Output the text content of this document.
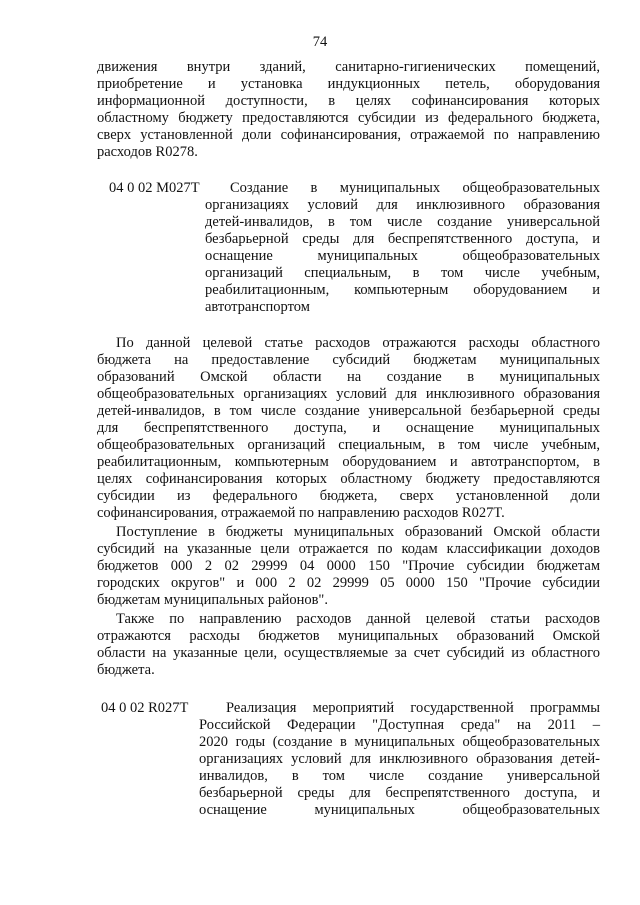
74
движения внутри зданий, санитарно-гигиенических помещений,
приобретение и установка индукционных петель, оборудования
информационной доступности, в целях софинансирования которых
областному бюджету предоставляются субсидии из федерального бюджета,
сверх установленной доли софинансирования, отражаемой по направлению
расходов R0278.
04 0 02 M027T Создание в муниципальных общеобразовательных
организациях условий для инклюзивного образования
детей-инвалидов, в том числе создание универсальной
безбарьерной среды для беспрепятственного доступа, и
оснащение муниципальных общеобразовательных
организаций специальным, в том числе учебным,
реабилитационным, компьютерным оборудованием и
автотранспортом
По данной целевой статье расходов отражаются расходы областного
бюджета на предоставление субсидий бюджетам муниципальных
образований Омской области на создание в муниципальных
общеобразовательных организациях условий для инклюзивного образования
детей-инвалидов, в том числе создание универсальной безбарьерной среды
для беспрепятственного доступа, и оснащение муниципальных
общеобразовательных организаций специальным, в том числе учебным,
реабилитационным, компьютерным оборудованием и автотранспортом, в
целях софинансирования которых областному бюджету предоставляются
субсидии из федерального бюджета, сверх установленной доли
софинансирования, отражаемой по направлению расходов R027T.
Поступление в бюджеты муниципальных образований Омской области
субсидий на указанные цели отражается по кодам классификации доходов
бюджетов 000 2 02 29999 04 0000 150 "Прочие субсидии бюджетам
городских округов" и 000 2 02 29999 05 0000 150 "Прочие субсидии
бюджетам муниципальных районов".
Также по направлению расходов данной целевой статьи расходов
отражаются расходы бюджетов муниципальных образований Омской
области на указанные цели, осуществляемые за счет субсидий из областного
бюджета.
04 0 02 R027T	Реализация мероприятий государственной программы
Российской Федерации "Доступная среда" на 2011 –
2020 годы (создание в муниципальных общеобразовательных
организациях условий для инклюзивного образования детей-
инвалидов, в том числе создание универсальной
безбарьерной среды для беспрепятственного доступа, и
оснащение муниципальных общеобразовательных
